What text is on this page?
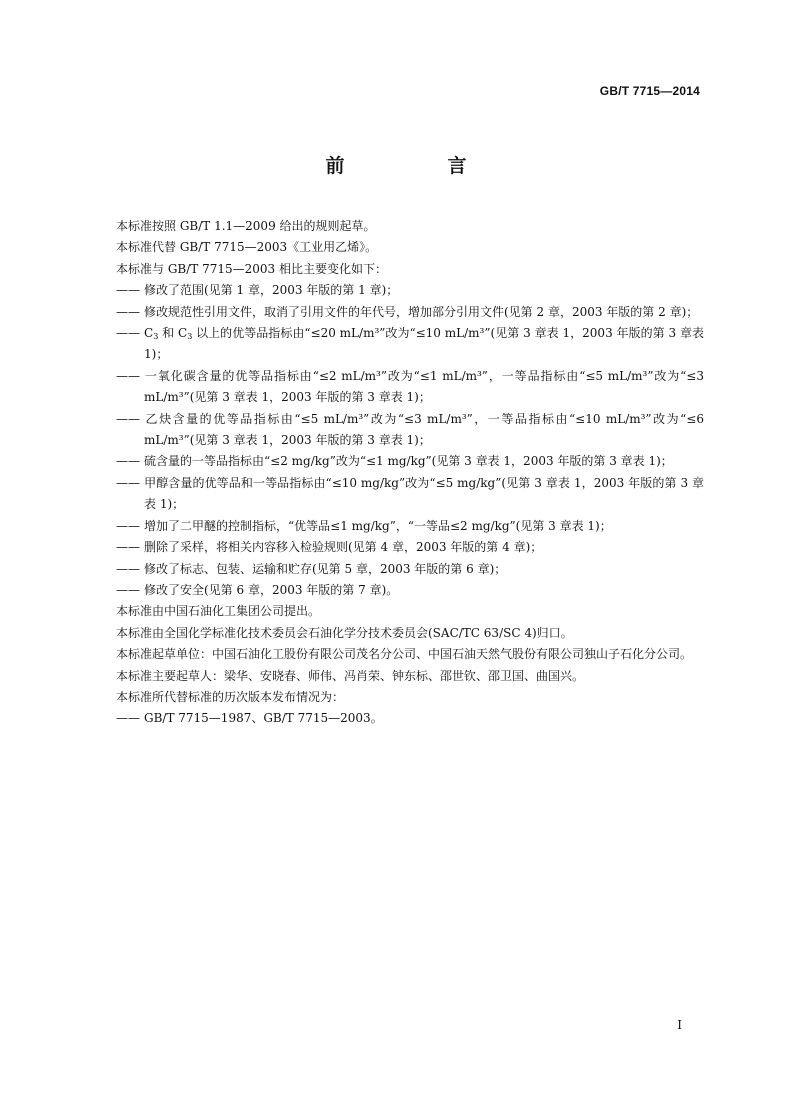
GB/T 7715—2014
前　言

本标准按照 GB/T 1.1—2009 给出的规则起草。

本标准代替 GB/T 7715—2003《工业用乙烯》。

本标准与 GB/T 7715—2003 相比主要变化如下：

—— 修改了范围(见第 1 章，2003 年版的第 1 章)；

—— 修改规范性引用文件，取消了引用文件的年代号，增加部分引用文件(见第 2 章，2003 年版的第 2 章)；

—— $C_3$ 和 $C_3$ 以上的优等品指标由“≤20 mL/m³”改为“≤10 mL/m³”(见第 3 章表 1，2003 年版的第 3 章表 1)；

—— 一氧化碳含量的优等品指标由“≤2 mL/m³”改为“≤1 mL/m³”，一等品指标由“≤5 mL/m³”改为“≤3 mL/m³”(见第 3 章表 1，2003 年版的第 3 章表 1)；

—— 乙炔含量的优等品指标由“≤5 mL/m³”改为“≤3 mL/m³”，一等品指标由“≤10 mL/m³”改为“≤6 mL/m³”(见第 3 章表 1，2003 年版的第 3 章表 1)；

—— 硫含量的一等品指标由“≤2 mg/kg”改为“≤1 mg/kg”(见第 3 章表 1，2003 年版的第 3 章表 1)；

—— 甲醇含量的优等品和一等品指标由“≤10 mg/kg”改为“≤5 mg/kg”(见第 3 章表 1，2003 年版的第 3 章表 1)；

—— 增加了二甲醚的控制指标，“优等品≤1 mg/kg”，“一等品≤2 mg/kg”(见第 3 章表 1)；

—— 删除了采样，将相关内容移入检验规则(见第 4 章，2003 年版的第 4 章)；

—— 修改了标志、包装、运输和贮存(见第 5 章，2003 年版的第 6 章)；

—— 修改了安全(见第 6 章，2003 年版的第 7 章)。

本标准由中国石油化工集团公司提出。

本标准由全国化学标准化技术委员会石油化学分技术委员会(SAC/TC 63/SC 4)归口。

本标准起草单位：中国石油化工股份有限公司茂名分公司、中国石油天然气股份有限公司独山子石化分公司。

本标准主要起草人：梁华、安晓春、师伟、冯肖荣、钟东标、邵世钦、邵卫国、曲国兴。

本标准所代替标准的历次版本发布情况为：

—— GB/T 7715—1987、GB/T 7715—2003。

I
